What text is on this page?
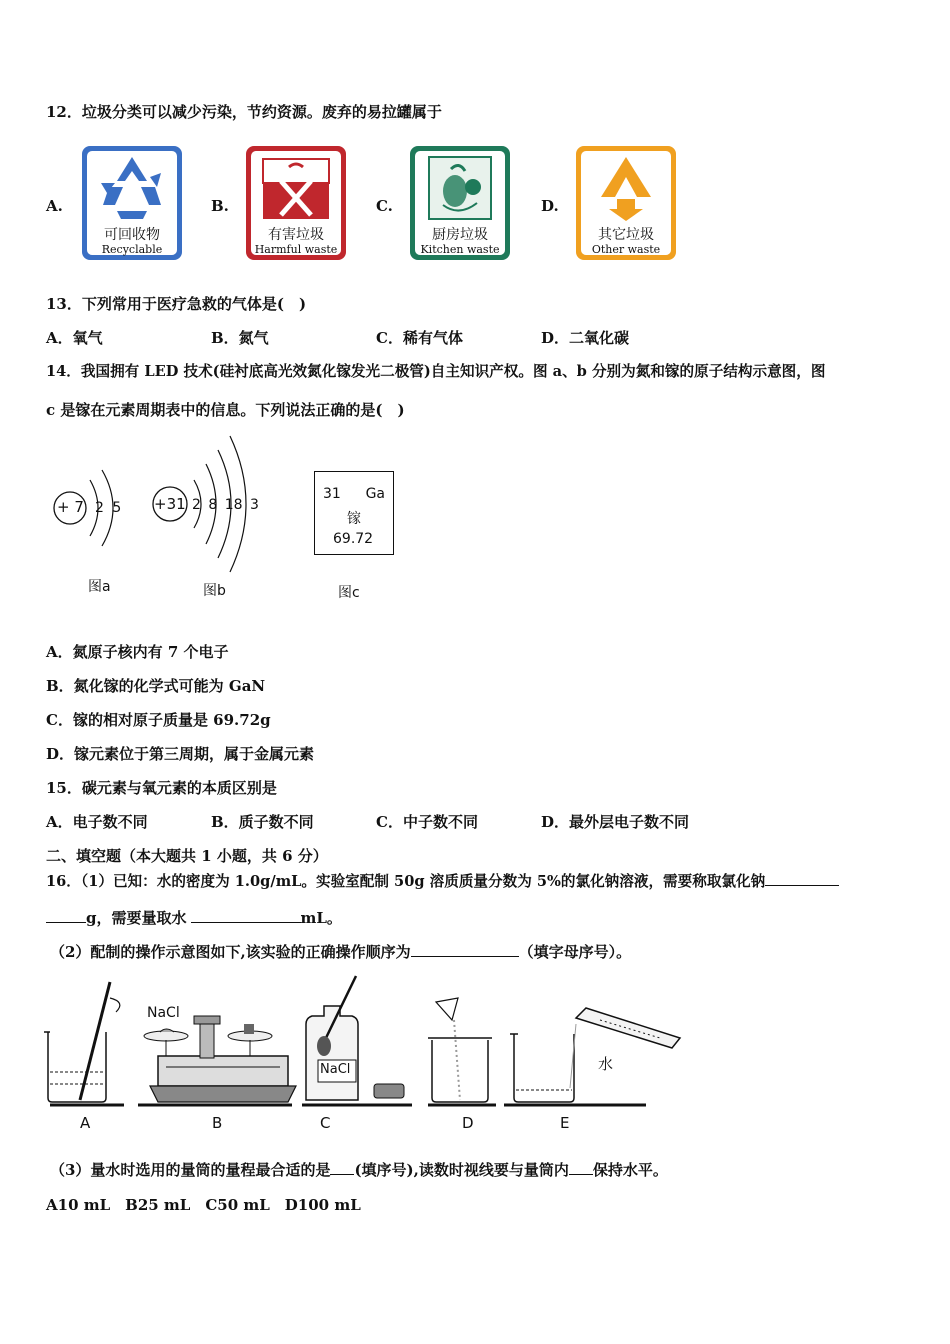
12．垃圾分类可以减少污染，节约资源。废弃的易拉罐属于
A.
可回收物
Recyclable
B.
有害垃圾
Harmful waste
C.
厨房垃圾
Kitchen waste
D.
其它垃圾
Other waste
13．下列常用于医疗急救的气体是(　)
A．氧气	B．氮气	C．稀有气体	D．二氧化碳
14．我国拥有 LED 技术(硅衬底高光效氮化镓发光二极管)自主知识产权。图 a、b 分别为氮和镓的原子结构示意图，图
c 是镓在元素周期表中的信息。下列说法正确的是(　)
+ 7 2 5
图a
+31 2 8 18 3
图b
31 Ga
镓
69.72
图c
A．氮原子核内有 7 个电子
B．氮化镓的化学式可能为 GaN
C．镓的相对原子质量是 69.72g
D．镓元素位于第三周期，属于金属元素
15．碳元素与氧元素的本质区别是
A．电子数不同	B．质子数不同	C．中子数不同	D．最外层电子数不同
二、填空题（本大题共 1 小题，共 6 分）
16．（1）已知：水的密度为 1.0g/mL。实验室配制 50g 溶质质量分数为 5%的氯化钠溶液，需要称取氯化钠
g，需要量取水	mL。
（2）配制的操作示意图如下,该实验的正确操作顺序为	（填字母序号）。
NaCl
NaCl	水
A	B	C	D	E
（3）量水时选用的量筒的量程最合适的是 (填序号),读数时视线要与量筒内 保持水平。
A10 mL　B25 mL　C50 mL　D100 mL
